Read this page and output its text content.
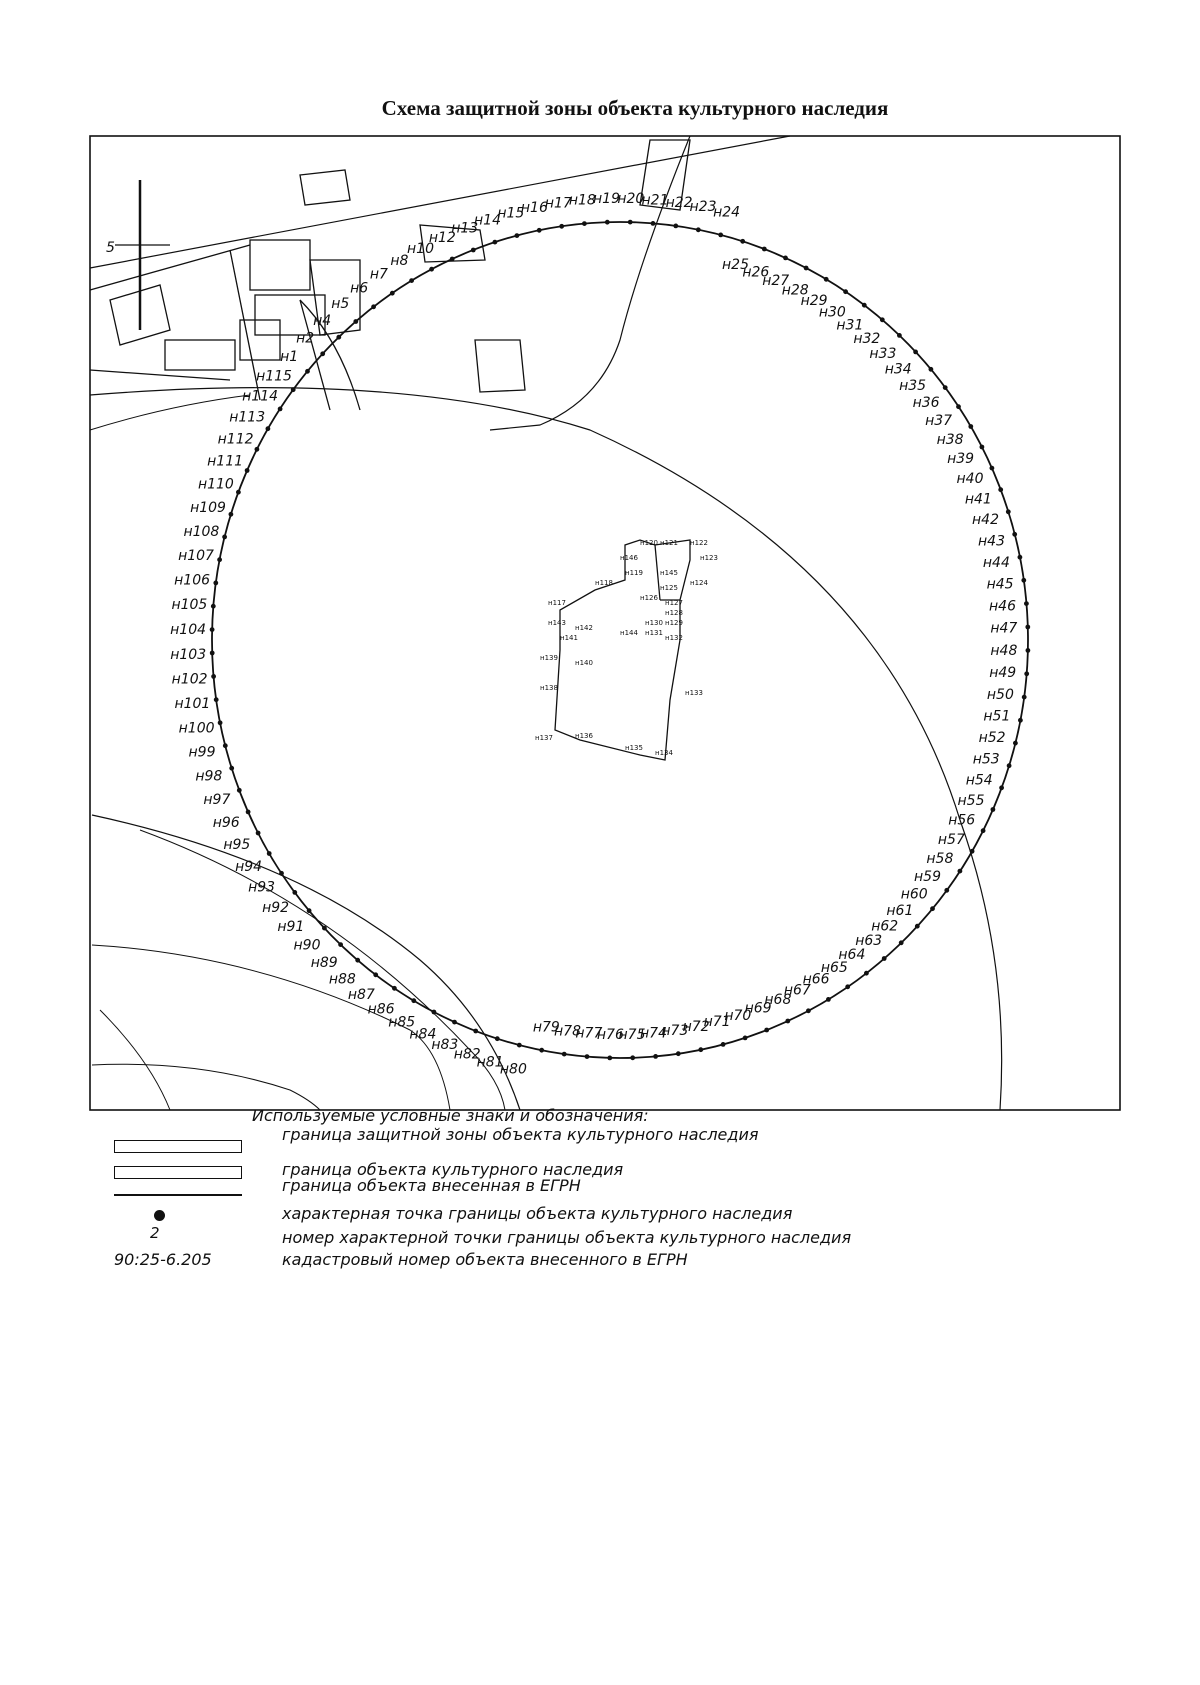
Схема защитной зоны объекта культурного наследия
н1
н2
н4
н5
н6
н7
н8
н10
н12
н13
н14
н15
н16
н17
н18
н19
н20
н21
н22
н23
н24
н25
н26
н27
н28
н29
н30
н31
н32
н33
н34
н35
н36
н37
н38
н39
н40
н41
н42
н43
н44
н45
н46
н47
н48
н49
н50
н51
н52
н53
н54
н55
н56
н57
н58
н59
н60
н61
н62
н63
н64
н65
н66
н67
н68
н69
н70
н71
н72
н73
н74
н75
н76
н77
н78
н79
н80
н81
н82
н83
н84
н85
н86
н87
н88
н89
н90
н91
н92
н93
н94
н95
н96
н97
н98
н99
н100
н101
н102
н103
н104
н105
н106
н107
н108
н109
н110
н111
н112
н113
н114
н115
н117
н118
н119
н120 н121 н122
н123
н124
н125
н126
н127
н128
н129
н130
н131
н132
н133
н134
н135
н136
н137
н138
н139
н140
н141
н142
н143
н144
н145
н146
5
Используемые условные знаки и обозначения:
граница защитной зоны объекта культурного наследия
граница объекта культурного наследия
граница объекта внесенная в ЕГРН
характерная точка границы объекта культурного наследия
2	номер характерной точки границы объекта культурного наследия
90:25-6.205	кадастровый номер объекта внесенного в ЕГРН
